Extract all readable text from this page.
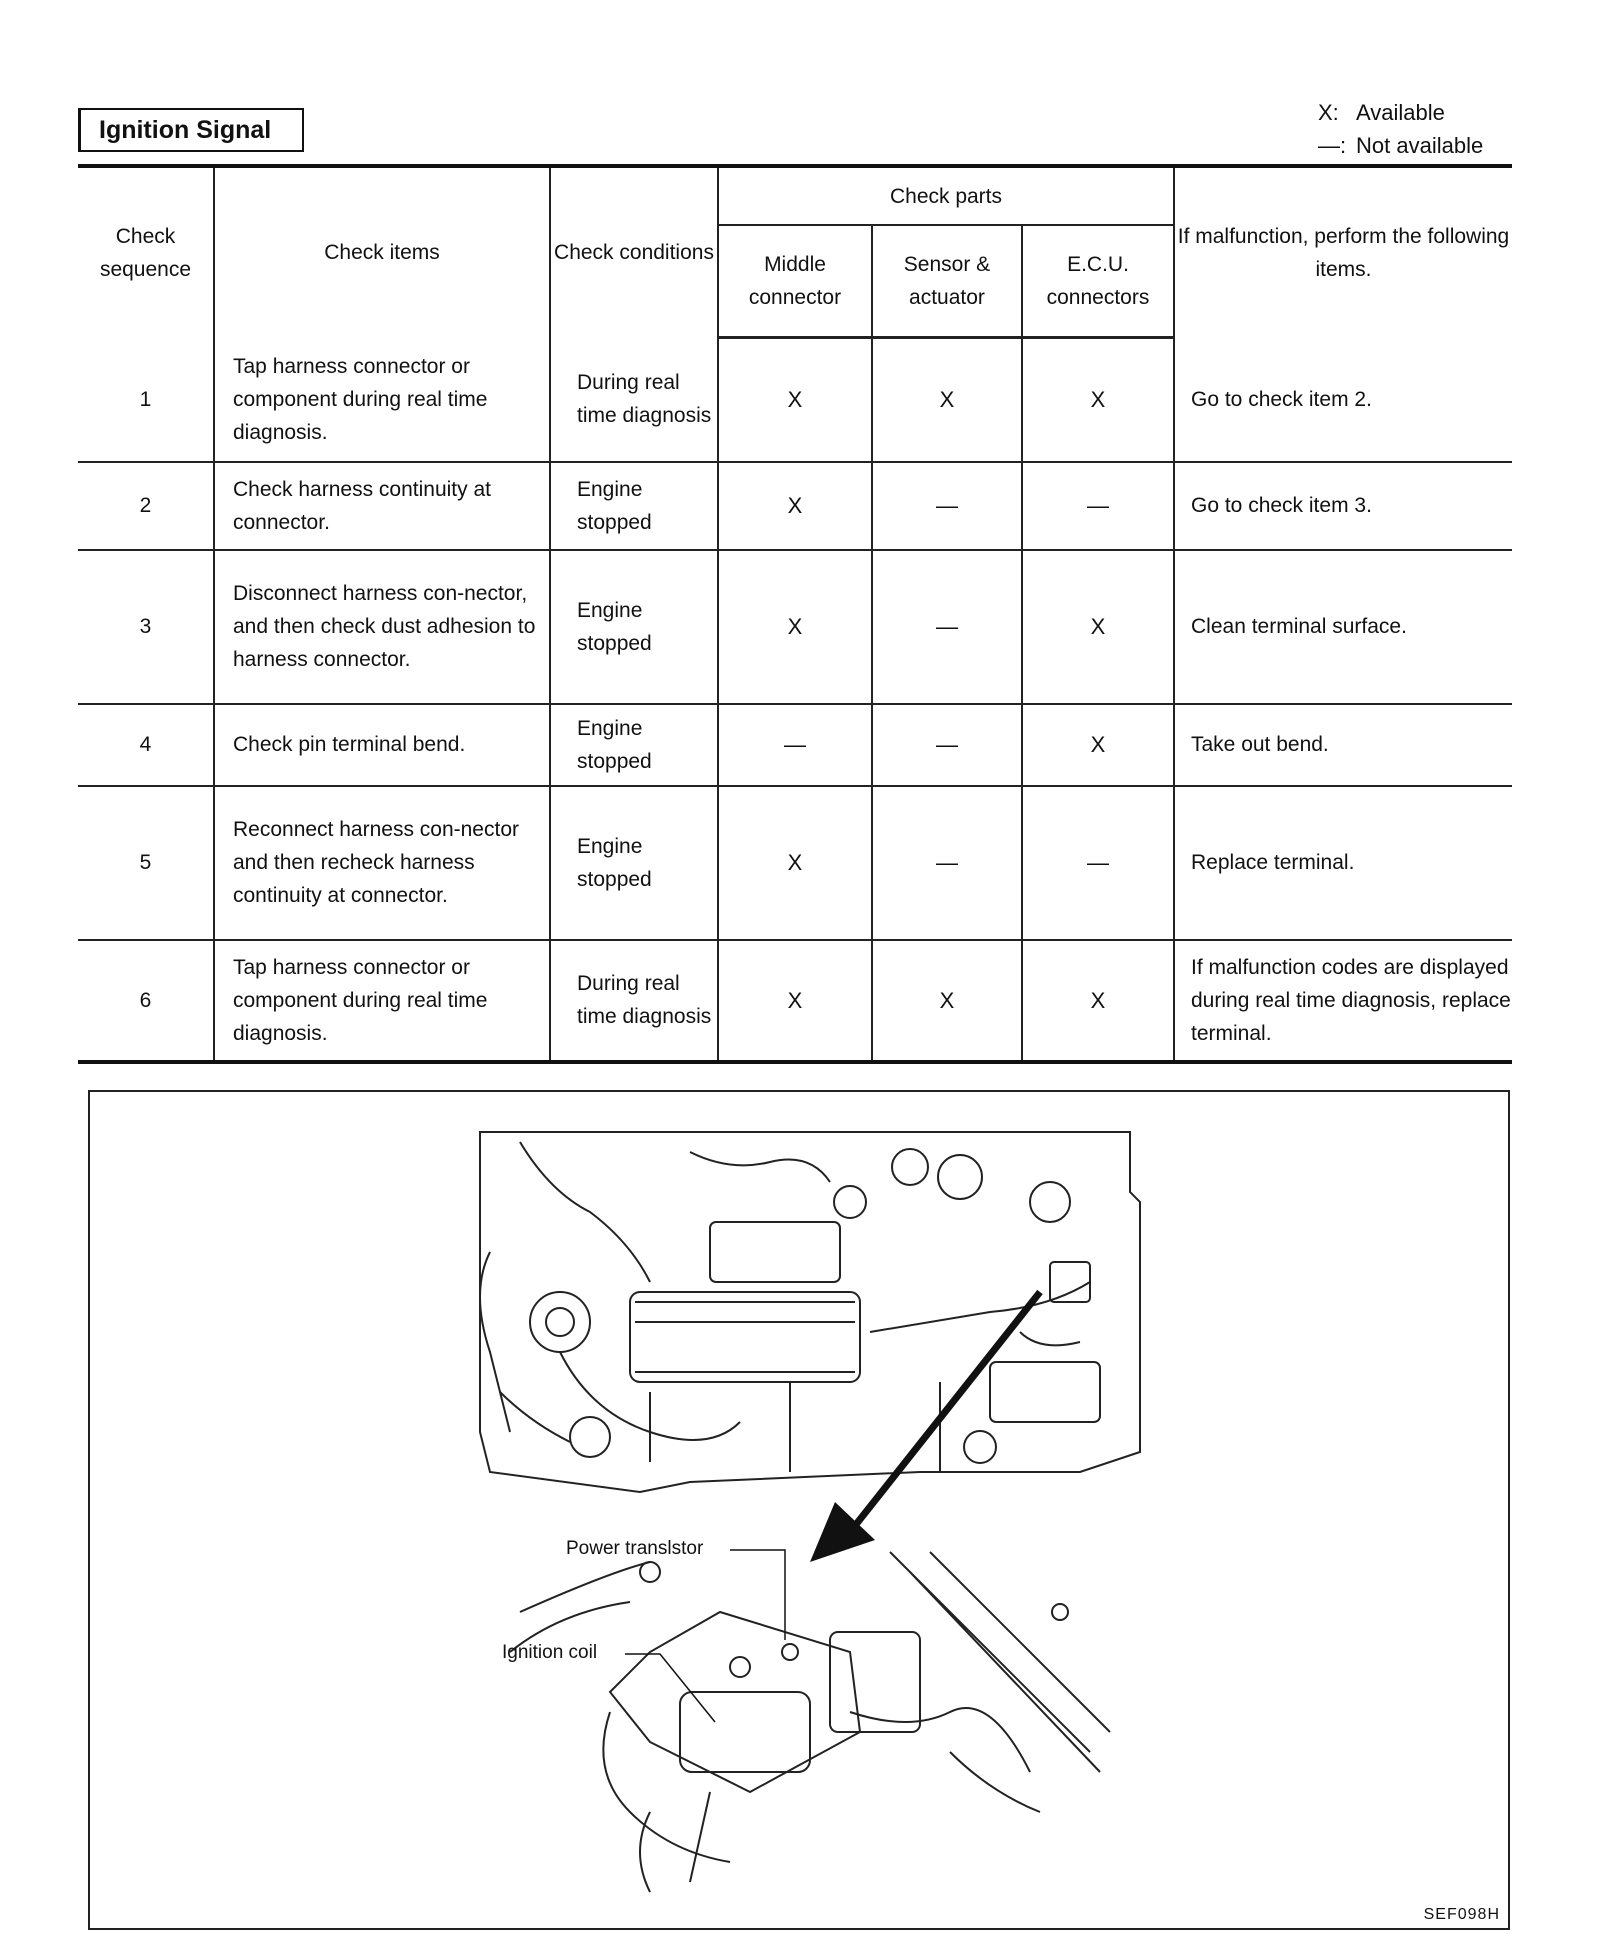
Ignition Signal
X: Available
—: Not available
Check sequence	Check items	Check conditions	Check parts			If malfunction, perform the following items.
			Middle connector	Sensor & actuator	E.C.U. connectors	
1	Tap harness connector or component during real time diagnosis.	During real time diagnosis	X	X	X	Go to check item 2.
2	Check harness continuity at connector.	Engine stopped	X	—	—	Go to check item 3.
3	Disconnect harness con-nector, and then check dust adhesion to harness connector.	Engine stopped	X	—	X	Clean terminal surface.
4	Check pin terminal bend.	Engine stopped	—	—	X	Take out bend.
5	Reconnect harness con-nector and then recheck harness continuity at connector.	Engine stopped	X	—	—	Replace terminal.
6	Tap harness connector or component during real time diagnosis.	During real time diagnosis	X	X	X	If malfunction codes are displayed during real time diagnosis, replace terminal.
Power translstor
Ignition coil
SEF098H
